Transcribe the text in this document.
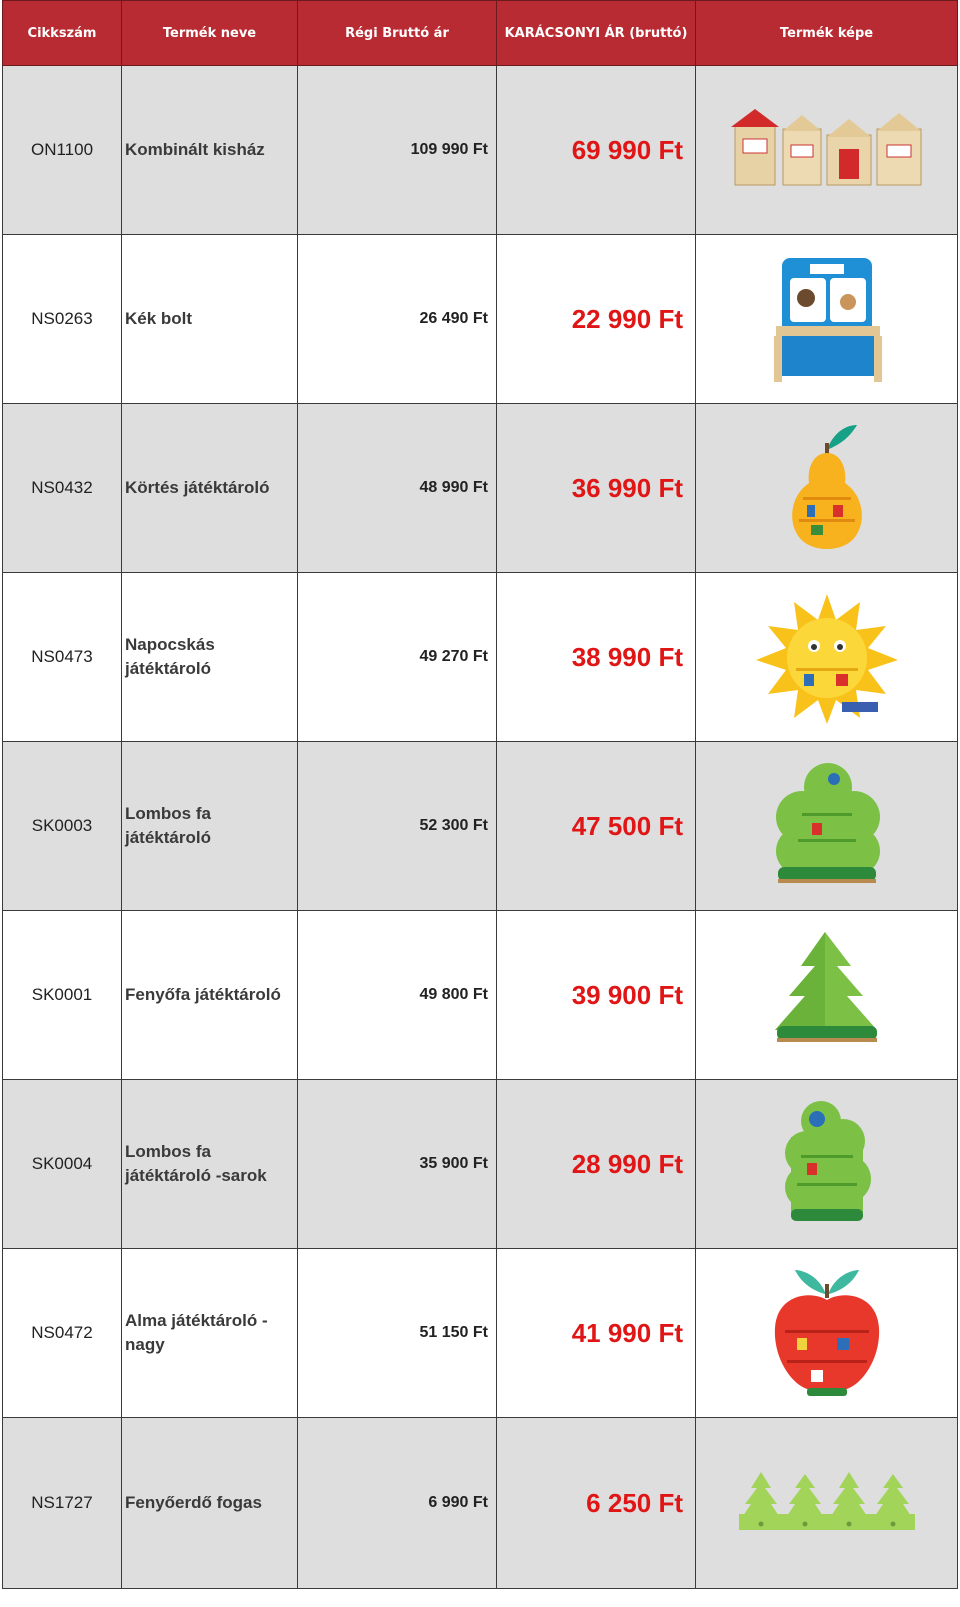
Cikkszám	Termék neve	Régi Bruttó ár	KARÁCSONYI ÁR (bruttó)	Termék képe
ON1100	Kombinált kisház	109 990 Ft	69 990 Ft	

NS0263	Kék bolt	26 490 Ft	22 990 Ft	

NS0432	Körtés játéktároló	48 990 Ft	36 990 Ft	

NS0473	Napocskás játéktároló	49 270 Ft	38 990 Ft	

SK0003	Lombos fa játéktároló	52 300 Ft	47 500 Ft	

SK0001	Fenyőfa játéktároló	49 800 Ft	39 900 Ft	

SK0004	Lombos fa játéktároló -sarok	35 900 Ft	28 990 Ft	

NS0472	Alma játéktároló - nagy	51 150 Ft	41 990 Ft	

NS1727	Fenyőerdő fogas	6 990 Ft	6 250 Ft	
